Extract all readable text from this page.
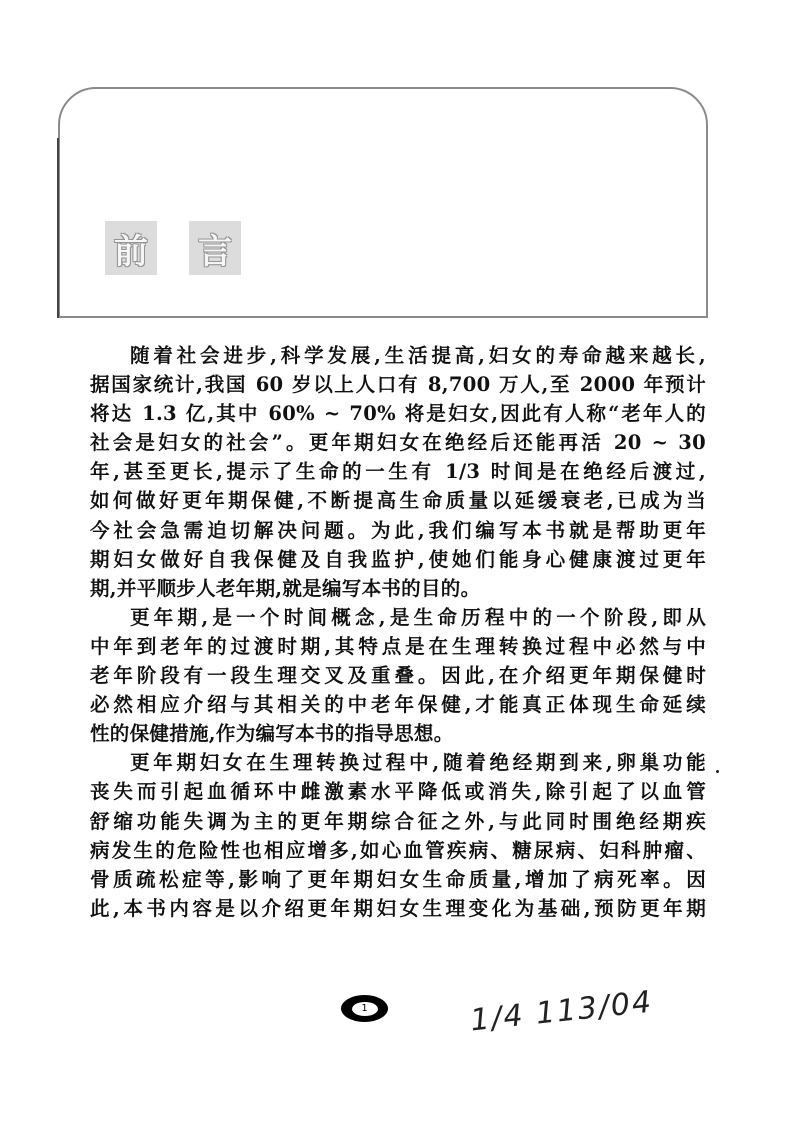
前 言
随着社会进步,科学发展,生活提高,妇女的寿命越来越长,
据国家统计,我国 60 岁以上人口有 8,700 万人,至 2000 年预计
将达 1.3 亿,其中 60% ~ 70% 将是妇女,因此有人称“老年人的
社会是妇女的社会”。更年期妇女在绝经后还能再活 20 ~ 30
年,甚至更长,提示了生命的一生有 1/3 时间是在绝经后渡过,
如何做好更年期保健,不断提高生命质量以延缓衰老,已成为当
今社会急需迫切解决问题。为此,我们编写本书就是帮助更年
期妇女做好自我保健及自我监护,使她们能身心健康渡过更年
期,并平顺步人老年期,就是编写本书的目的。
更年期,是一个时间概念,是生命历程中的一个阶段,即从
中年到老年的过渡时期,其特点是在生理转换过程中必然与中
老年阶段有一段生理交叉及重叠。因此,在介绍更年期保健时
必然相应介绍与其相关的中老年保健,才能真正体现生命延续
性的保健措施,作为编写本书的指导思想。
更年期妇女在生理转换过程中,随着绝经期到来,卵巢功能
丧失而引起血循环中雌激素水平降低或消失,除引起了以血管
舒缩功能失调为主的更年期综合征之外,与此同时围绝经期疾
病发生的危险性也相应增多,如心血管疾病、糖尿病、妇科肿瘤、
骨质疏松症等,影响了更年期妇女生命质量,增加了病死率。因
此,本书内容是以介绍更年期妇女生理变化为基础,预防更年期
1	1/4 113/04
